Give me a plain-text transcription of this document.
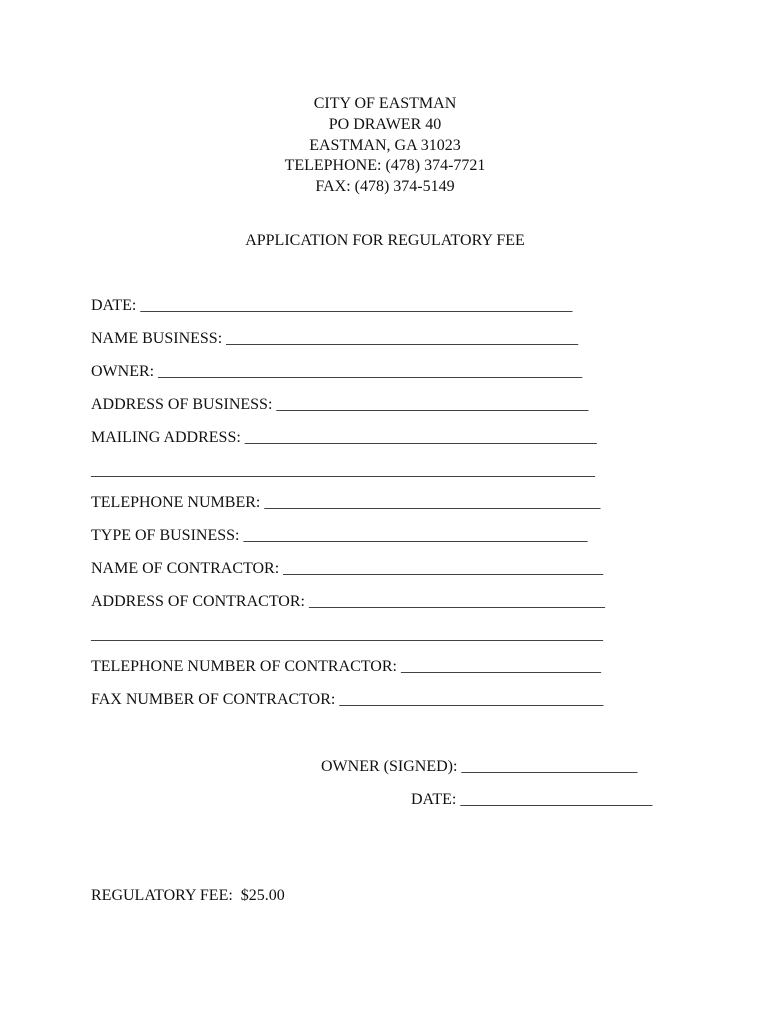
CITY OF EASTMAN
PO DRAWER 40
EASTMAN, GA 31023
TELEPHONE: (478) 374-7721
FAX: (478) 374-5149
APPLICATION FOR REGULATORY FEE
DATE: ______________________________________________________
NAME BUSINESS: ____________________________________________
OWNER: _____________________________________________________
ADDRESS OF BUSINESS: _______________________________________
MAILING ADDRESS: ____________________________________________
_______________________________________________________________
TELEPHONE NUMBER: __________________________________________
TYPE OF BUSINESS: ___________________________________________
NAME OF CONTRACTOR: ________________________________________
ADDRESS OF CONTRACTOR: _____________________________________
________________________________________________________________
TELEPHONE NUMBER OF CONTRACTOR: _________________________
FAX NUMBER OF CONTRACTOR: _________________________________
OWNER (SIGNED): ______________________
DATE: ________________________
REGULATORY FEE:  $25.00
